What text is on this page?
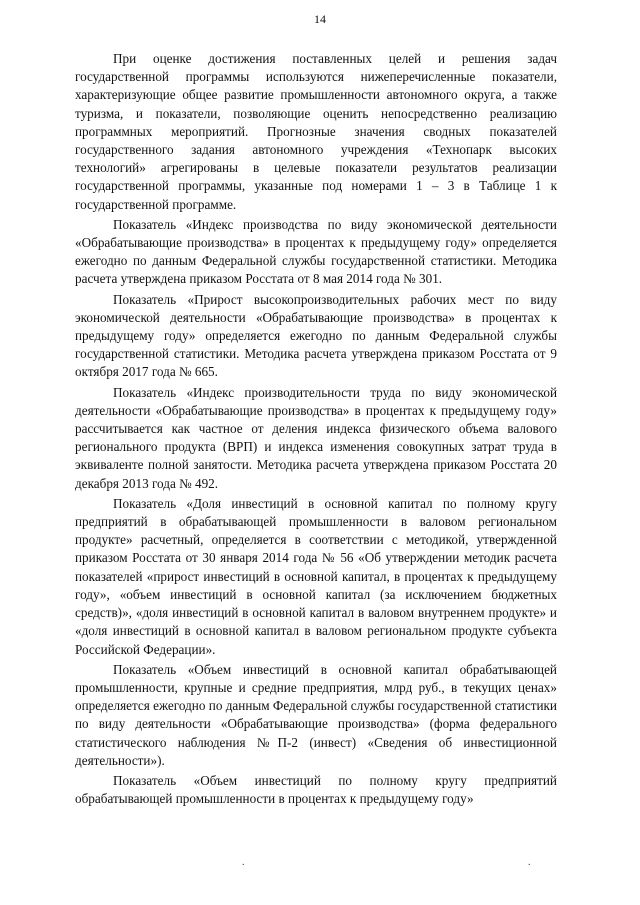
14

При оценке достижения поставленных целей и решения задач государственной программы используются нижеперечисленные показатели, характеризующие общее развитие промышленности автономного округа, а также туризма, и показатели, позволяющие оценить непосредственно реализацию программных мероприятий. Прогнозные значения сводных показателей государственного задания автономного учреждения «Технопарк высоких технологий» агрегированы в целевые показатели результатов реализации государственной программы, указанные под номерами 1 – 3 в Таблице 1 к государственной программе.

Показатель «Индекс производства по виду экономической деятельности «Обрабатывающие производства» в процентах к предыдущему году» определяется ежегодно по данным Федеральной службы государственной статистики. Методика расчета утверждена приказом Росстата от 8 мая 2014 года № 301.

Показатель «Прирост высокопроизводительных рабочих мест по виду экономической деятельности «Обрабатывающие производства» в процентах к предыдущему году» определяется ежегодно по данным Федеральной службы государственной статистики. Методика расчета утверждена приказом Росстата от 9 октября 2017 года № 665.

Показатель «Индекс производительности труда по виду экономической деятельности «Обрабатывающие производства» в процентах к предыдущему году» рассчитывается как частное от деления индекса физического объема валового регионального продукта (ВРП) и индекса изменения совокупных затрат труда в эквиваленте полной занятости. Методика расчета утверждена приказом Росстата 20 декабря 2013 года № 492.

Показатель «Доля инвестиций в основной капитал по полному кругу предприятий в обрабатывающей промышленности в валовом региональном продукте» расчетный, определяется в соответствии с методикой, утвержденной приказом Росстата от 30 января 2014 года № 56 «Об утверждении методик расчета показателей «прирост инвестиций в основной капитал, в процентах к предыдущему году», «объем инвестиций в основной капитал (за исключением бюджетных средств)», «доля инвестиций в основной капитал в валовом внутреннем продукте» и «доля инвестиций в основной капитал в валовом региональном продукте субъекта Российской Федерации».

Показатель «Объем инвестиций в основной капитал обрабатывающей промышленности, крупные и средние предприятия, млрд руб., в текущих ценах» определяется ежегодно по данным Федеральной службы государственной статистики по виду деятельности «Обрабатывающие производства» (форма федерального статистического наблюдения №П-2 (инвест) «Сведения об инвестиционной деятельности»).

Показатель «Объем инвестиций по полному кругу предприятий обрабатывающей промышленности в процентах к предыдущему году»

.	.
